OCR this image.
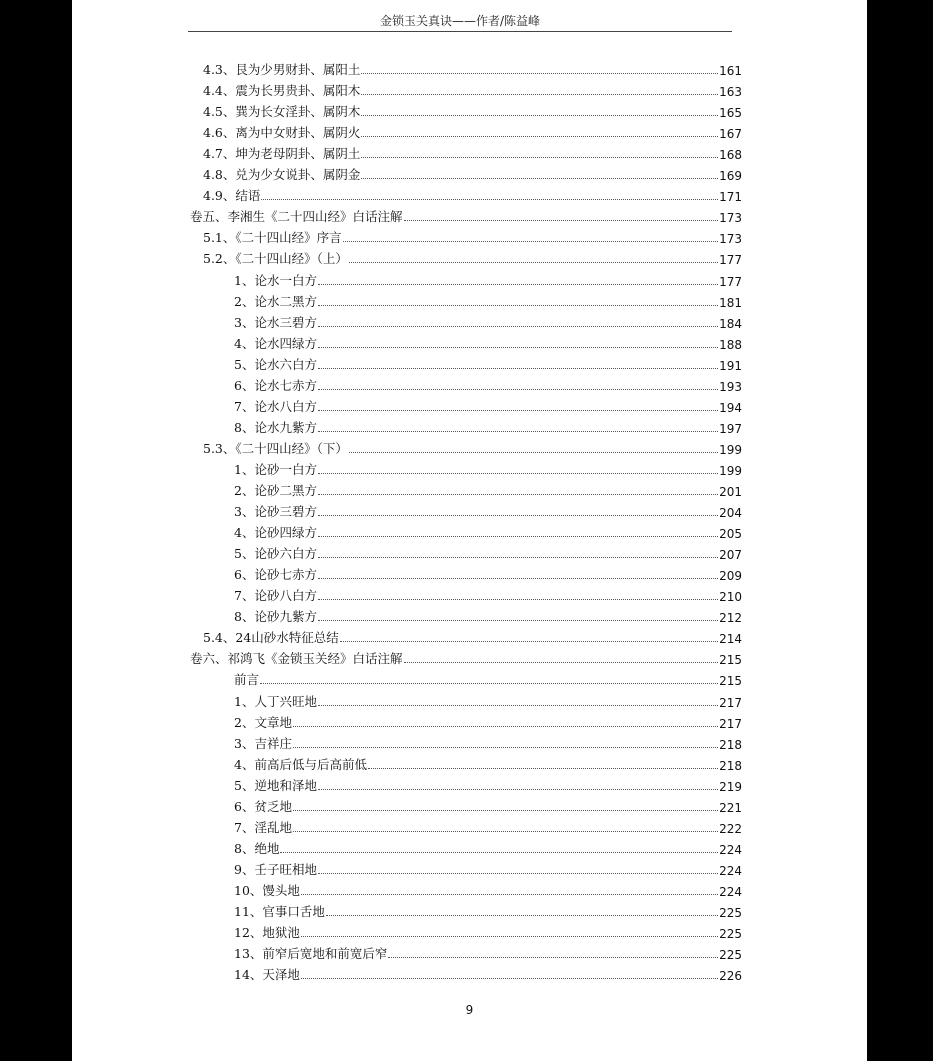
金锁玉关真诀——作者/陈益峰
4.3、艮为少男财卦、属阳土	161
4.4、震为长男贵卦、属阳木	163
4.5、巽为长女淫卦、属阴木	165
4.6、离为中女财卦、属阴火	167
4.7、坤为老母阴卦、属阴土	168
4.8、兑为少女说卦、属阴金	169
4.9、结语	171
卷五、李湘生《二十四山经》白话注解	173
5.1、《二十四山经》序言	173
5.2、《二十四山经》（上）	177
1、论水一白方	177
2、论水二黑方	181
3、论水三碧方	184
4、论水四绿方	188
5、论水六白方	191
6、论水七赤方	193
7、论水八白方	194
8、论水九紫方	197
5.3、《二十四山经》（下）	199
1、论砂一白方	199
2、论砂二黑方	201
3、论砂三碧方	204
4、论砂四绿方	205
5、论砂六白方	207
6、论砂七赤方	209
7、论砂八白方	210
8、论砂九紫方	212
5.4、24山砂水特征总结	214
卷六、祁鸿飞《金锁玉关经》白话注解	215
前言	215
1、人丁兴旺地	217
2、文章地	217
3、吉祥庄	218
4、前高后低与后高前低	218
5、逆地和泽地	219
6、贫乏地	221
7、淫乱地	222
8、绝地	224
9、壬子旺相地	224
10、馒头地	224
11、官事口舌地	225
12、地狱池	225
13、前窄后宽地和前宽后窄	225
14、天泽地	226
9
